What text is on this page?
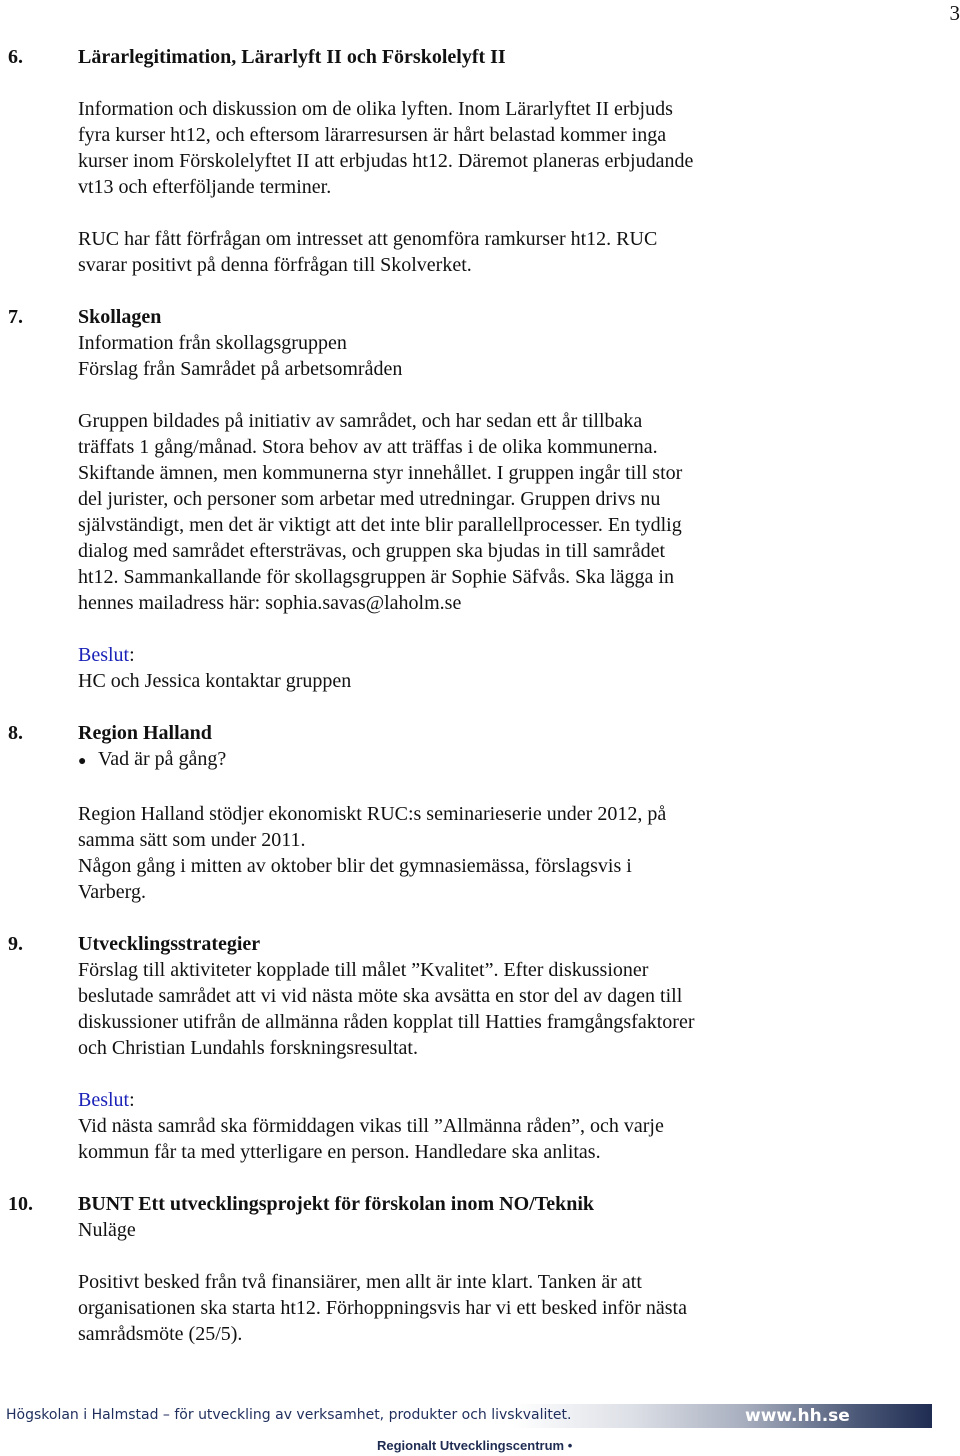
3
6.	Lärarlegitimation, Lärarlyft II och Förskolelyft II
Information och diskussion om de olika lyften. Inom Lärarlyftet II erbjuds
fyra kurser ht12, och eftersom lärarresursen är hårt belastad kommer inga
kurser inom Förskolelyftet II att erbjudas ht12. Däremot planeras erbjudande
vt13 och efterföljande terminer.
RUC har fått förfrågan om intresset att genomföra ramkurser ht12. RUC
svarar positivt på denna förfrågan till Skolverket.
7.	Skollagen
Information från skollagsgruppen
Förslag från Samrådet på arbetsområden
Gruppen bildades på initiativ av samrådet, och har sedan ett år tillbaka
träffats 1 gång/månad. Stora behov av att träffas i de olika kommunerna.
Skiftande ämnen, men kommunerna styr innehållet. I gruppen ingår till stor
del jurister, och personer som arbetar med utredningar. Gruppen drivs nu
självständigt, men det är viktigt att det inte blir parallellprocesser. En tydlig
dialog med samrådet eftersträvas, och gruppen ska bjudas in till samrådet
ht12. Sammankallande för skollagsgruppen är Sophie Säfvås. Ska lägga in
hennes mailadress här: sophia.savas@laholm.se
Beslut:
HC och Jessica kontaktar gruppen
8.	Region Halland
● Vad är på gång?
Region Halland stödjer ekonomiskt RUC:s seminarieserie under 2012, på
samma sätt som under 2011.
Någon gång i mitten av oktober blir det gymnasiemässa, förslagsvis i
Varberg.
9.	Utvecklingsstrategier
Förslag till aktiviteter kopplade till målet ”Kvalitet”. Efter diskussioner
beslutade samrådet att vi vid nästa möte ska avsätta en stor del av dagen till
diskussioner utifrån de allmänna råden kopplat till Hatties framgångsfaktorer
och Christian Lundahls forskningsresultat.
Beslut:
Vid nästa samråd ska förmiddagen vikas till ”Allmänna råden”, och varje
kommun får ta med ytterligare en person. Handledare ska anlitas.
10.	BUNT Ett utvecklingsprojekt för förskolan inom NO/Teknik
Nuläge
Positivt besked från två finansiärer, men allt är inte klart. Tanken är att
organisationen ska starta ht12. Förhoppningsvis har vi ett besked inför nästa
samrådsmöte (25/5).
Högskolan i Halmstad – för utveckling av verksamhet, produkter och livskvalitet.	www.hh.se
Regionalt Utvecklingscentrum •
